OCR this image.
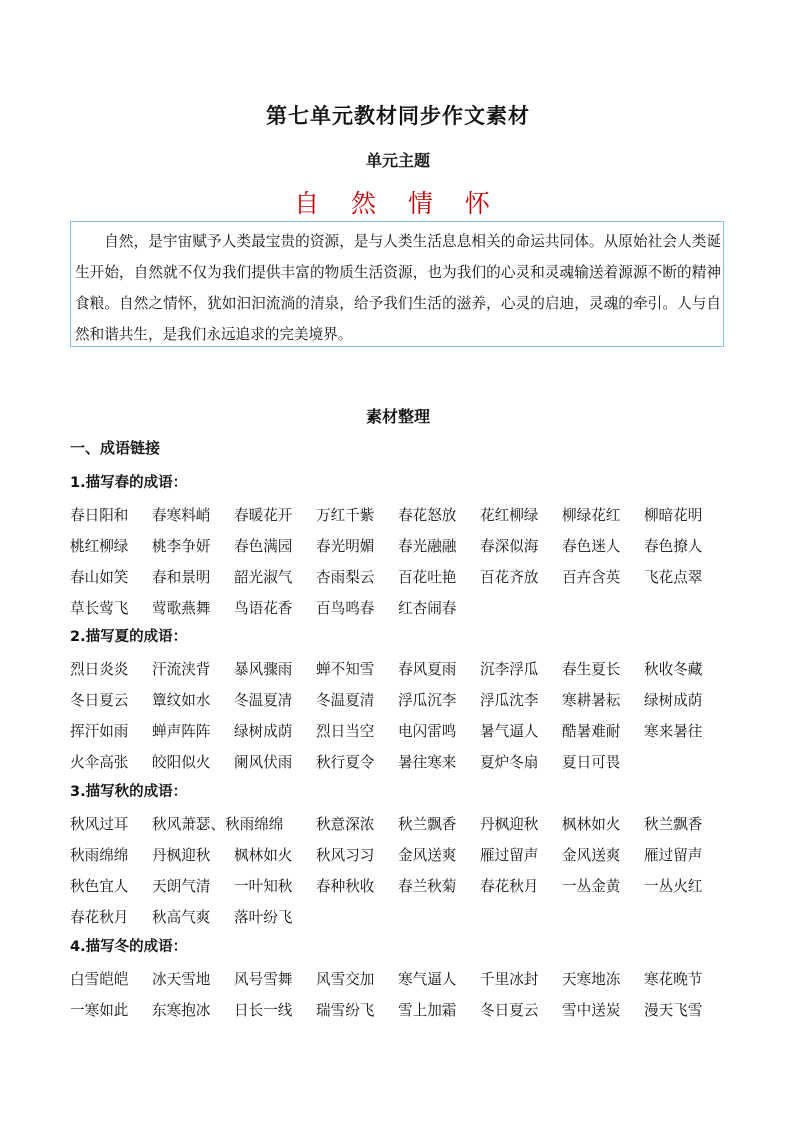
第七单元教材同步作文素材
单元主题
自 然 情 怀

自然，是宇宙赋予人类最宝贵的资源，是与人类生活息息相关的命运共同体。从原始社会人类诞生开始，自然就不仅为我们提供丰富的物质生活资源，也为我们的心灵和灵魂输送着源源不断的精神食粮。自然之情怀，犹如汩汩流淌的清泉，给予我们生活的滋养，心灵的启迪，灵魂的牵引。人与自然和谐共生，是我们永远追求的完美境界。

素材整理
一、成语链接
1.描写春的成语：
春日阳和	春寒料峭	春暖花开	万红千紫	春花怒放	花红柳绿	柳绿花红	柳暗花明
桃红柳绿	桃李争妍	春色满园	春光明媚	春光融融	春深似海	春色迷人	春色撩人
春山如笑	春和景明	韶光淑气	杏雨梨云	百花吐艳	百花齐放	百卉含英	飞花点翠
草长莺飞	莺歌燕舞	鸟语花香	百鸟鸣春	红杏闹春
2.描写夏的成语：
烈日炎炎	汗流浃背	暴风骤雨	蝉不知雪	春风夏雨	沉李浮瓜	春生夏长	秋收冬藏
冬日夏云	簟纹如水	冬温夏凊	冬温夏清	浮瓜沉李	浮瓜沈李	寒耕暑耘	绿树成荫
挥汗如雨	蝉声阵阵	绿树成荫	烈日当空	电闪雷鸣	暑气逼人	酷暑难耐	寒来暑往
火伞高张	皎阳似火	阑风伏雨	秋行夏令	暑往寒来	夏炉冬扇	夏日可畏
3.描写秋的成语：
秋风过耳	秋风萧瑟、秋雨绵绵	秋意深浓	秋兰飘香	丹枫迎秋	枫林如火	秋兰飘香
秋雨绵绵	丹枫迎秋	枫林如火	秋风习习	金风送爽	雁过留声	金风送爽	雁过留声
秋色宜人	天朗气清	一叶知秋	春种秋收	春兰秋菊	春花秋月	一丛金黄	一丛火红
春花秋月	秋高气爽	落叶纷飞
4.描写冬的成语：
白雪皑皑	冰天雪地	风号雪舞	风雪交加	寒气逼人	千里冰封	天寒地冻	寒花晚节
一寒如此	东寒抱冰	日长一线	瑞雪纷飞	雪上加霜	冬日夏云	雪中送炭	漫天飞雪
